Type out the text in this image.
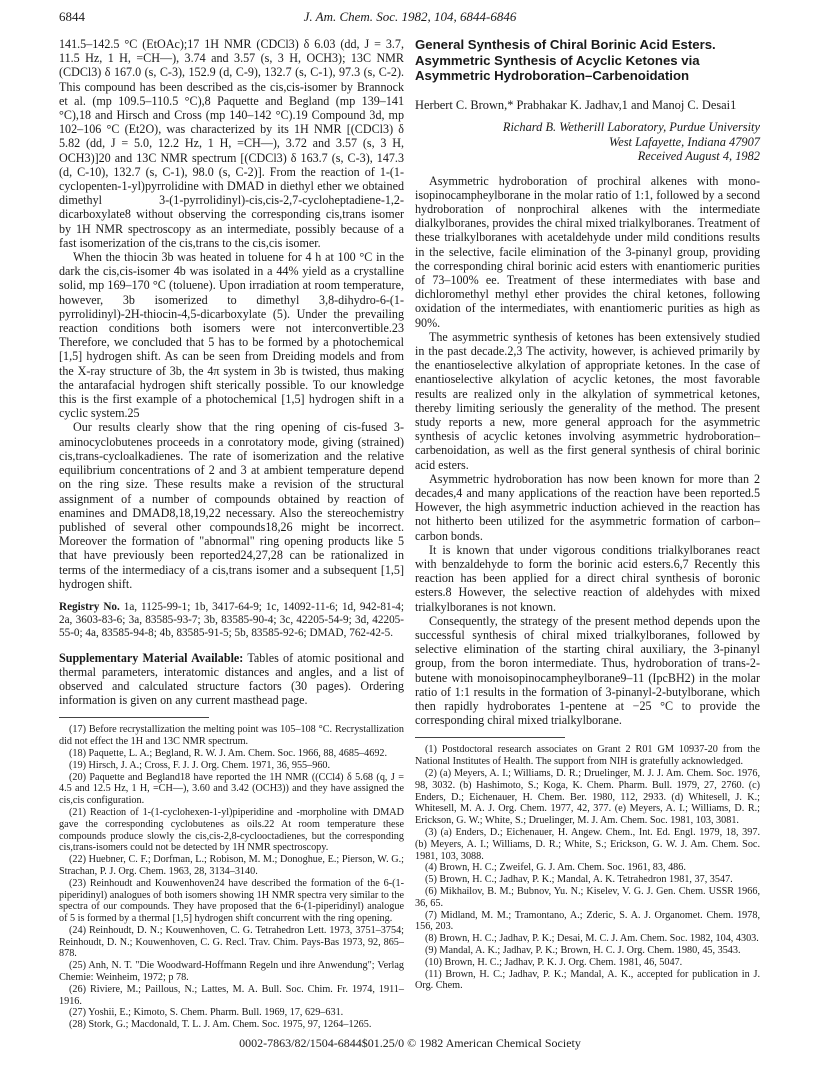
6844	J. Am. Chem. Soc. 1982, 104, 6844-6846

141.5–142.5 °C (EtOAc);17 1H NMR (CDCl3) δ 6.03 (dd, J = 3.7, 11.5 Hz, 1 H, =CH—), 3.74 and 3.57 (s, 3 H, OCH3); 13C NMR (CDCl3) δ 167.0 (s, C-3), 152.9 (d, C-9), 132.7 (s, C-1), 97.3 (s, C-2). This compound has been described as the cis,cis-isomer by Brannock et al. (mp 109.5–110.5 °C),8 Paquette and Begland (mp 139–141 °C),18 and Hirsch and Cross (mp 140–142 °C).19 Compound 3d, mp 102–106 °C (Et2O), was characterized by its 1H NMR [(CDCl3) δ 5.82 (dd, J = 5.0, 12.2 Hz, 1 H, =CH—), 3.72 and 3.57 (s, 3 H, OCH3)]20 and 13C NMR spectrum [(CDCl3) δ 163.7 (s, C-3), 147.3 (d, C-10), 132.7 (s, C-1), 98.0 (s, C-2)]. From the reaction of 1-(1-cyclopenten-1-yl)pyrrolidine with DMAD in diethyl ether we obtained dimethyl 3-(1-pyrrolidinyl)-cis,cis-2,7-cycloheptadiene-1,2-dicarboxylate8 without observing the corresponding cis,trans isomer by 1H NMR spectroscopy as an intermediate, possibly because of a fast isomerization of the cis,trans to the cis,cis isomer.

When the thiocin 3b was heated in toluene for 4 h at 100 °C in the dark the cis,cis-isomer 4b was isolated in a 44% yield as a crystalline solid, mp 169–170 °C (toluene). Upon irradiation at room temperature, however, 3b isomerized to dimethyl 3,8-dihydro-6-(1-pyrrolidinyl)-2H-thiocin-4,5-dicarboxylate (5). Under the prevailing reaction conditions both isomers were not interconvertible.23 Therefore, we concluded that 5 has to be formed by a photochemical [1,5] hydrogen shift. As can be seen from Dreiding models and from the X-ray structure of 3b, the 4π system in 3b is twisted, thus making the antarafacial hydrogen shift sterically possible. To our knowledge this is the first example of a photochemical [1,5] hydrogen shift in a cyclic system.25

Our results clearly show that the ring opening of cis-fused 3-aminocyclobutenes proceeds in a conrotatory mode, giving (strained) cis,trans-cycloalkadienes. The rate of isomerization and the relative equilibrium concentrations of 2 and 3 at ambient temperature depend on the ring size. These results make a revision of the structural assignment of a number of compounds obtained by reaction of enamines and DMAD8,18,19,22 necessary. Also the stereochemistry published of several other compounds18,26 might be incorrect. Moreover the formation of "abnormal" ring opening products like 5 that have previously been reported24,27,28 can be rationalized in terms of the intermediacy of a cis,trans isomer and a subsequent [1,5] hydrogen shift.

Registry No. 1a, 1125-99-1; 1b, 3417-64-9; 1c, 14092-11-6; 1d, 942-81-4; 2a, 3603-83-6; 3a, 83585-93-7; 3b, 83585-90-4; 3c, 42205-54-9; 3d, 42205-55-0; 4a, 83585-94-8; 4b, 83585-91-5; 5b, 83585-92-6; DMAD, 762-42-5.

Supplementary Material Available: Tables of atomic positional and thermal parameters, interatomic distances and angles, and a list of observed and calculated structure factors (30 pages). Ordering information is given on any current masthead page.

(17) Before recrystallization the melting point was 105–108 °C. Recrystallization did not effect the 1H and 13C NMR spectrum.

(18) Paquette, L. A.; Begland, R. W. J. Am. Chem. Soc. 1966, 88, 4685–4692.

(19) Hirsch, J. A.; Cross, F. J. J. Org. Chem. 1971, 36, 955–960.

(20) Paquette and Begland18 have reported the 1H NMR ((CCl4) δ 5.68 (q, J = 4.5 and 12.5 Hz, 1 H, =CH—), 3.60 and 3.42 (OCH3)) and they have assigned the cis,cis configuration.

(21) Reaction of 1-(1-cyclohexen-1-yl)piperidine and -morpholine with DMAD gave the corresponding cyclobutenes as oils.22 At room temperature these compounds produce slowly the cis,cis-2,8-cyclooctadienes, but the corresponding cis,trans-isomers could not be detected by 1H NMR spectroscopy.

(22) Huebner, C. F.; Dorfman, L.; Robison, M. M.; Donoghue, E.; Pierson, W. G.; Strachan, P. J. Org. Chem. 1963, 28, 3134–3140.

(23) Reinhoudt and Kouwenhoven24 have described the formation of the 6-(1-piperidinyl) analogues of both isomers showing 1H NMR spectra very similar to the spectra of our compounds. They have proposed that the 6-(1-piperidinyl) analogue of 5 is formed by a thermal [1,5] hydrogen shift concurrent with the ring opening.

(24) Reinhoudt, D. N.; Kouwenhoven, C. G. Tetrahedron Lett. 1973, 3751–3754; Reinhoudt, D. N.; Kouwenhoven, C. G. Recl. Trav. Chim. Pays-Bas 1973, 92, 865–878.

(25) Anh, N. T. "Die Woodward-Hoffmann Regeln und ihre Anwendung"; Verlag Chemie: Weinheim, 1972; p 78.

(26) Riviere, M.; Paillous, N.; Lattes, M. A. Bull. Soc. Chim. Fr. 1974, 1911–1916.

(27) Yoshii, E.; Kimoto, S. Chem. Pharm. Bull. 1969, 17, 629–631.

(28) Stork, G.; Macdonald, T. L. J. Am. Chem. Soc. 1975, 97, 1264–1265.

General Synthesis of Chiral Borinic Acid Esters. Asymmetric Synthesis of Acyclic Ketones via Asymmetric Hydroboration–Carbenoidation

Herbert C. Brown,* Prabhakar K. Jadhav,1 and Manoj C. Desai1

Richard B. Wetherill Laboratory, Purdue University

West Lafayette, Indiana 47907

Received August 4, 1982

Asymmetric hydroboration of prochiral alkenes with mono-isopinocampheylborane in the molar ratio of 1:1, followed by a second hydroboration of nonprochiral alkenes with the intermediate dialkylboranes, provides the chiral mixed trialkylboranes. Treatment of these trialkylboranes with acetaldehyde under mild conditions results in the selective, facile elimination of the 3-pinanyl group, providing the corresponding chiral borinic acid esters with enantiomeric purities of 73–100% ee. Treatment of these intermediates with base and dichloromethyl methyl ether provides the chiral ketones, following oxidation of the intermediates, with enantiomeric purities as high as 90%.

The asymmetric synthesis of ketones has been extensively studied in the past decade.2,3 The activity, however, is achieved primarily by the enantioselective alkylation of appropriate ketones. In the case of enantioselective alkylation of acyclic ketones, the most favorable results are realized only in the alkylation of symmetrical ketones, thereby limiting seriously the generality of the method. The present study reports a new, more general approach for the asymmetric synthesis of acyclic ketones involving asymmetric hydroboration–carbenoidation, as well as the first general synthesis of chiral borinic acid esters.

Asymmetric hydroboration has now been known for more than 2 decades,4 and many applications of the reaction have been reported.5 However, the high asymmetric induction achieved in the reaction has not hitherto been utilized for the asymmetric formation of carbon–carbon bonds.

It is known that under vigorous conditions trialkylboranes react with benzaldehyde to form the borinic acid esters.6,7 Recently this reaction has been applied for a direct chiral synthesis of boronic esters.8 However, the selective reaction of aldehydes with mixed trialkylboranes is not known.

Consequently, the strategy of the present method depends upon the successful synthesis of chiral mixed trialkylboranes, followed by selective elimination of the starting chiral auxiliary, the 3-pinanyl group, from the boron intermediate. Thus, hydroboration of trans-2-butene with monoisopinocampheylborane9–11 (IpcBH2) in the molar ratio of 1:1 results in the formation of 3-pinanyl-2-butylborane, which then rapidly hydroborates 1-pentene at −25 °C to provide the corresponding chiral mixed trialkylborane.

(1) Postdoctoral research associates on Grant 2 R01 GM 10937-20 from the National Institutes of Health. The support from NIH is gratefully acknowledged.

(2) (a) Meyers, A. I.; Williams, D. R.; Druelinger, M. J. J. Am. Chem. Soc. 1976, 98, 3032. (b) Hashimoto, S.; Koga, K. Chem. Pharm. Bull. 1979, 27, 2760. (c) Enders, D.; Eichenauer, H. Chem. Ber. 1980, 112, 2933. (d) Whitesell, J. K.; Whitesell, M. A. J. Org. Chem. 1977, 42, 377. (e) Meyers, A. I.; Williams, D. R.; Erickson, G. W.; White, S.; Druelinger, M. J. Am. Chem. Soc. 1981, 103, 3081.

(3) (a) Enders, D.; Eichenauer, H. Angew. Chem., Int. Ed. Engl. 1979, 18, 397. (b) Meyers, A. I.; Williams, D. R.; White, S.; Erickson, G. W. J. Am. Chem. Soc. 1981, 103, 3088.

(4) Brown, H. C.; Zweifel, G. J. Am. Chem. Soc. 1961, 83, 486.

(5) Brown, H. C.; Jadhav, P. K.; Mandal, A. K. Tetrahedron 1981, 37, 3547.

(6) Mikhailov, B. M.; Bubnov, Yu. N.; Kiselev, V. G. J. Gen. Chem. USSR 1966, 36, 65.

(7) Midland, M. M.; Tramontano, A.; Zderic, S. A. J. Organomet. Chem. 1978, 156, 203.

(8) Brown, H. C.; Jadhav, P. K.; Desai, M. C. J. Am. Chem. Soc. 1982, 104, 4303.

(9) Mandal, A. K.; Jadhav, P. K.; Brown, H. C. J. Org. Chem. 1980, 45, 3543.

(10) Brown, H. C.; Jadhav, P. K. J. Org. Chem. 1981, 46, 5047.

(11) Brown, H. C.; Jadhav, P. K.; Mandal, A. K., accepted for publication in J. Org. Chem.

0002-7863/82/1504-6844$01.25/0 © 1982 American Chemical Society
